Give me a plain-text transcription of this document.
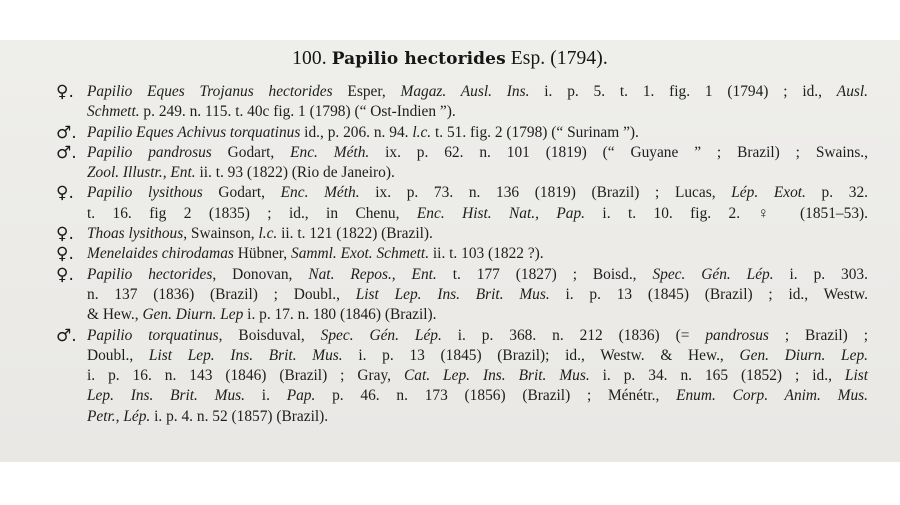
100. Papilio hectorides Esp. (1794).
♀. Papilio Eques Trojanus hectorides Esper, Magaz. Ausl. Ins. i. p. 5. t. 1. fig. 1 (1794) ; id., Ausl.
Schmett. p. 249. n. 115. t. 40c fig. 1 (1798) (“ Ost-Indien ”).
♂. Papilio Eques Achivus torquatinus id., p. 206. n. 94. l.c. t. 51. fig. 2 (1798) (“ Surinam ”).
♂. Papilio pandrosus Godart, Enc. Méth. ix. p. 62. n. 101 (1819) (“ Guyane ” ; Brazil) ; Swains.,
Zool. Illustr., Ent. ii. t. 93 (1822) (Rio de Janeiro).
♀. Papilio lysithous Godart, Enc. Méth. ix. p. 73. n. 136 (1819) (Brazil) ; Lucas, Lép. Exot. p. 32.
t. 16. fig 2 (1835) ; id., in Chenu, Enc. Hist. Nat., Pap. i. t. 10. fig. 2. ♀ (1851–53).
♀. Thoas lysithous, Swainson, l.c. ii. t. 121 (1822) (Brazil).
♀. Menelaides chirodamas Hübner, Samml. Exot. Schmett. ii. t. 103 (1822 ?).
♀. Papilio hectorides, Donovan, Nat. Repos., Ent. t. 177 (1827) ; Boisd., Spec. Gén. Lép. i. p. 303.
n. 137 (1836) (Brazil) ; Doubl., List Lep. Ins. Brit. Mus. i. p. 13 (1845) (Brazil) ; id., Westw.
& Hew., Gen. Diurn. Lep i. p. 17. n. 180 (1846) (Brazil).
♂. Papilio torquatinus, Boisduval, Spec. Gén. Lép. i. p. 368. n. 212 (1836) (= pandrosus ; Brazil) ;
Doubl., List Lep. Ins. Brit. Mus. i. p. 13 (1845) (Brazil); id., Westw. & Hew., Gen. Diurn. Lep.
i. p. 16. n. 143 (1846) (Brazil) ; Gray, Cat. Lep. Ins. Brit. Mus. i. p. 34. n. 165 (1852) ; id., List
Lep. Ins. Brit. Mus. i. Pap. p. 46. n. 173 (1856) (Brazil) ; Ménétr., Enum. Corp. Anim. Mus.
Petr., Lép. i. p. 4. n. 52 (1857) (Brazil).
